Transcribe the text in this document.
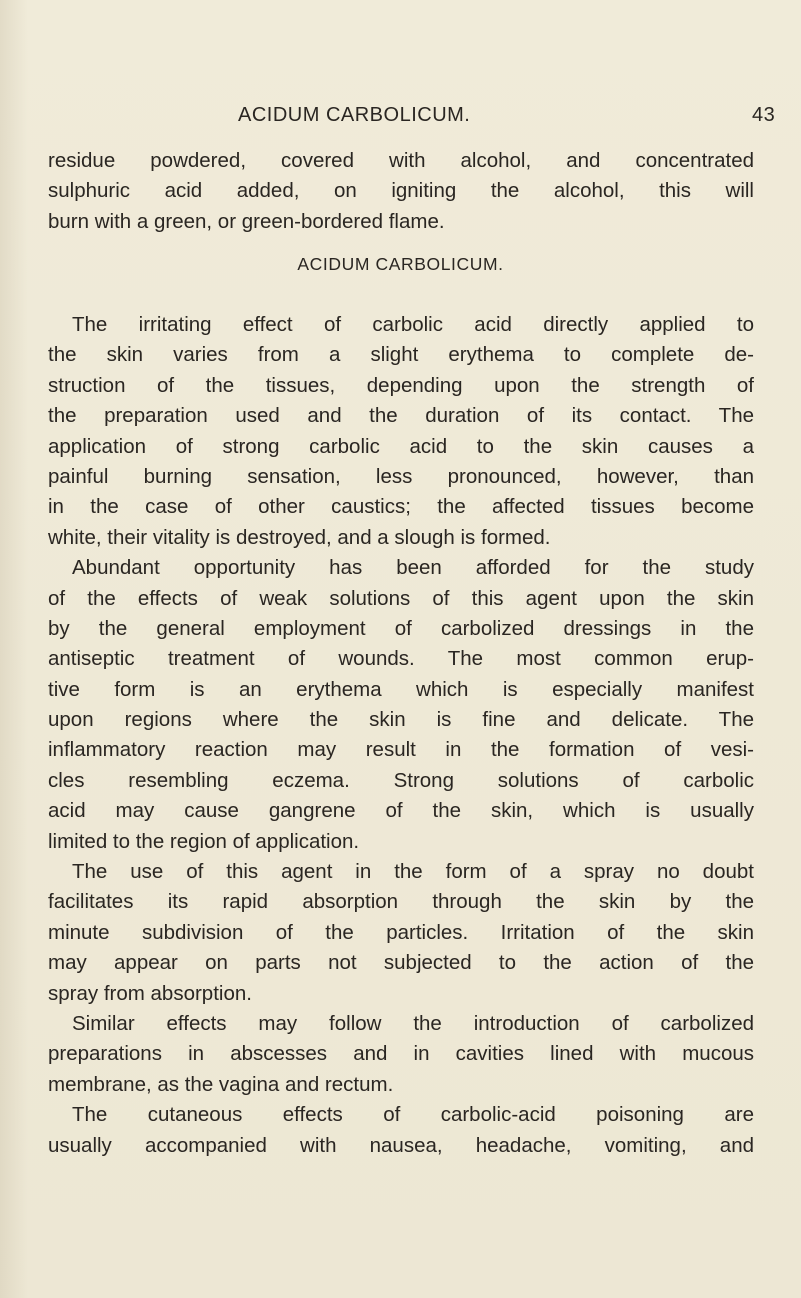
ACIDUM CARBOLICUM.	43
residue powdered, covered with alcohol, and concentrated
sulphuric acid added, on igniting the alcohol, this will
burn with a green, or green-bordered flame.
ACIDUM CARBOLICUM.
The irritating effect of carbolic acid directly applied to
the skin varies from a slight erythema to complete de-
struction of the tissues, depending upon the strength of
the preparation used and the duration of its contact. The
application of strong carbolic acid to the skin causes a
painful burning sensation, less pronounced, however, than
in the case of other caustics; the affected tissues become
white, their vitality is destroyed, and a slough is formed.
Abundant opportunity has been afforded for the study
of the effects of weak solutions of this agent upon the skin
by the general employment of carbolized dressings in the
antiseptic treatment of wounds. The most common erup-
tive form is an erythema which is especially manifest
upon regions where the skin is fine and delicate. The
inflammatory reaction may result in the formation of vesi-
cles resembling eczema. Strong solutions of carbolic
acid may cause gangrene of the skin, which is usually
limited to the region of application.
The use of this agent in the form of a spray no doubt
facilitates its rapid absorption through the skin by the
minute subdivision of the particles. Irritation of the skin
may appear on parts not subjected to the action of the
spray from absorption.
Similar effects may follow the introduction of carbolized
preparations in abscesses and in cavities lined with mucous
membrane, as the vagina and rectum.
The cutaneous effects of carbolic-acid poisoning are
usually accompanied with nausea, headache, vomiting, and
